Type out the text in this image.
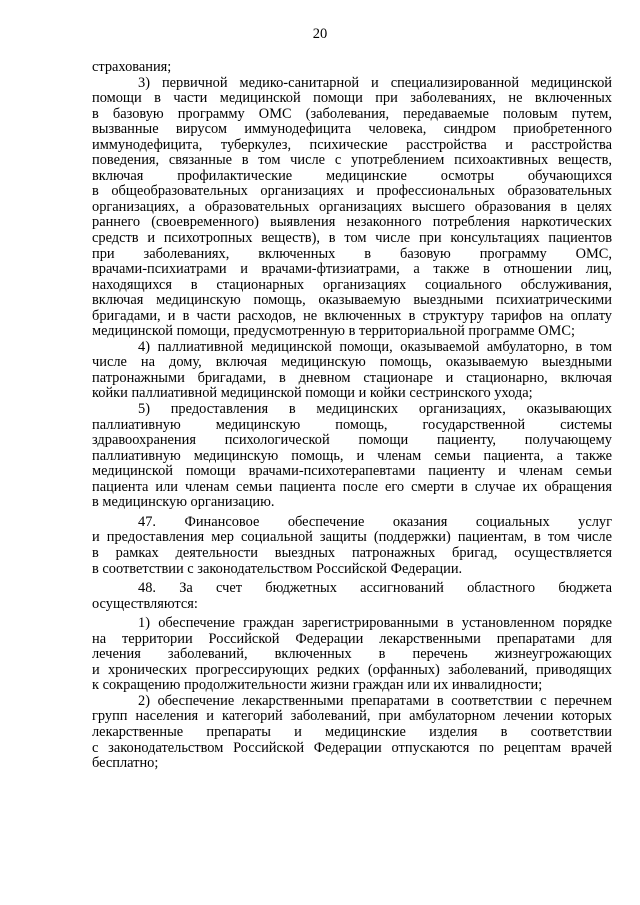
20
страхования;
3) первичной медико-санитарной и специализированной медицинской
помощи в части медицинской помощи при заболеваниях, не включенных
в базовую программу ОМС (заболевания, передаваемые половым путем,
вызванные вирусом иммунодефицита человека, синдром приобретенного
иммунодефицита, туберкулез, психические расстройства и расстройства
поведения, связанные в том числе с употреблением психоактивных веществ,
включая профилактические медицинские осмотры обучающихся
в общеобразовательных организациях и профессиональных образовательных
организациях, а образовательных организациях высшего образования в целях
раннего (своевременного) выявления незаконного потребления наркотических
средств и психотропных веществ), в том числе при консультациях пациентов
при заболеваниях, включенных в базовую программу ОМС,
врачами-психиатрами и врачами-фтизиатрами, а также в отношении лиц,
находящихся в стационарных организациях социального обслуживания,
включая медицинскую помощь, оказываемую выездными психиатрическими
бригадами, и в части расходов, не включенных в структуру тарифов на оплату
медицинской помощи, предусмотренную в территориальной программе ОМС;
4) паллиативной медицинской помощи, оказываемой амбулаторно, в том
числе на дому, включая медицинскую помощь, оказываемую выездными
патронажными бригадами, в дневном стационаре и стационарно, включая
койки паллиативной медицинской помощи и койки сестринского ухода;
5) предоставления в медицинских организациях, оказывающих
паллиативную медицинскую помощь, государственной системы
здравоохранения психологической помощи пациенту, получающему
паллиативную медицинскую помощь, и членам семьи пациента, а также
медицинской помощи врачами-психотерапевтами пациенту и членам семьи
пациента или членам семьи пациента после его смерти в случае их обращения
в медицинскую организацию.
47. Финансовое обеспечение оказания социальных услуг
и предоставления мер социальной защиты (поддержки) пациентам, в том числе
в рамках деятельности выездных патронажных бригад, осуществляется
в соответствии с законодательством Российской Федерации.
48. За счет бюджетных ассигнований областного бюджета
осуществляются:
1) обеспечение граждан зарегистрированными в установленном порядке
на территории Российской Федерации лекарственными препаратами для
лечения заболеваний, включенных в перечень жизнеугрожающих
и хронических прогрессирующих редких (орфанных) заболеваний, приводящих
к сокращению продолжительности жизни граждан или их инвалидности;
2) обеспечение лекарственными препаратами в соответствии с перечнем
групп населения и категорий заболеваний, при амбулаторном лечении которых
лекарственные препараты и медицинские изделия в соответствии
с законодательством Российской Федерации отпускаются по рецептам врачей
бесплатно;
